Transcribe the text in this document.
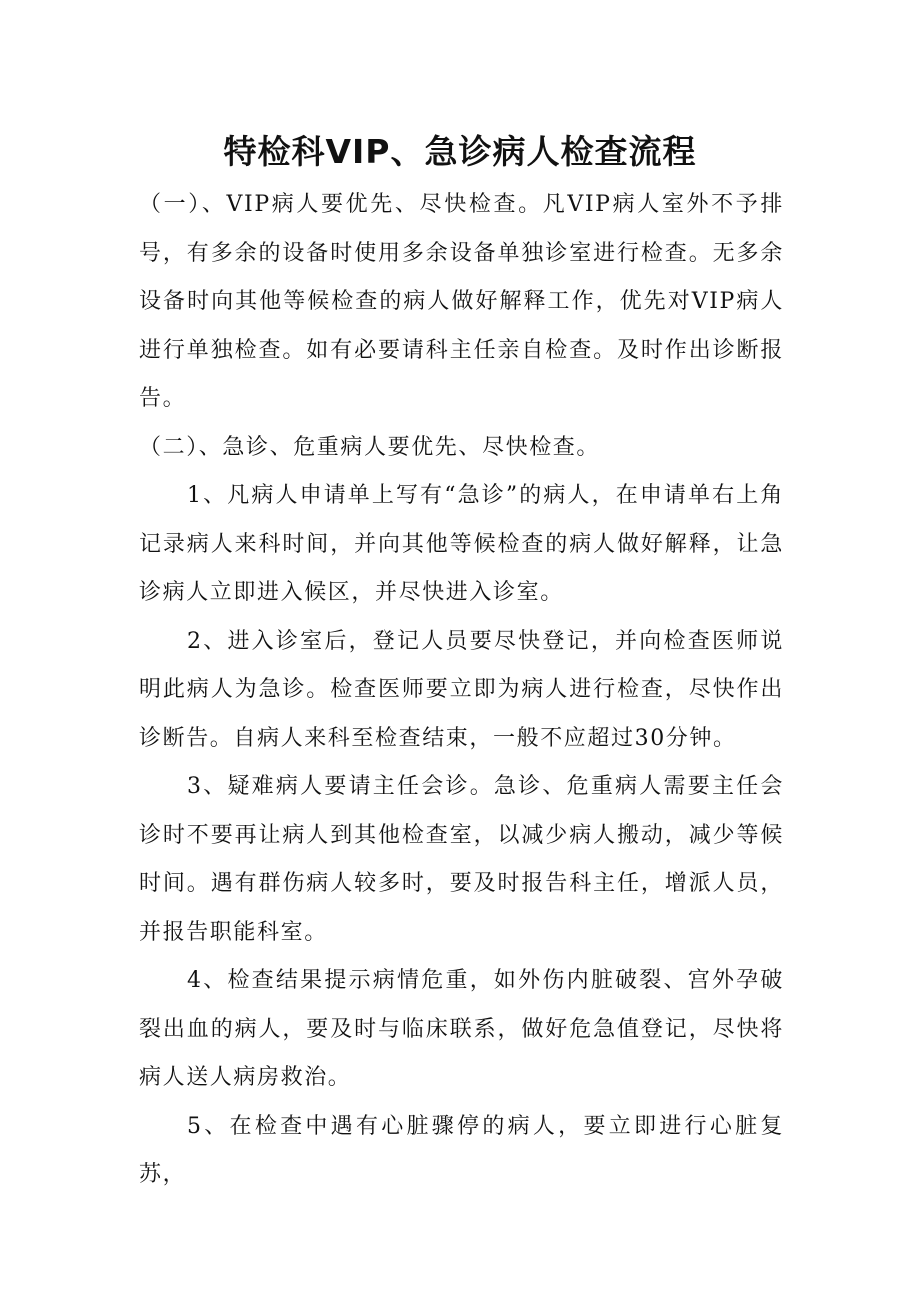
特检科VIP、急诊病人检查流程

（一）、VIP病人要优先、尽快检查。凡VIP病人室外不予排号，有多余的设备时使用多余设备单独诊室进行检查。无多余设备时向其他等候检查的病人做好解释工作，优先对VIP病人进行单独检查。如有必要请科主任亲自检查。及时作出诊断报告。

（二）、急诊、危重病人要优先、尽快检查。

1、凡病人申请单上写有“急诊”的病人，在申请单右上角记录病人来科时间，并向其他等候检查的病人做好解释，让急诊病人立即进入候区，并尽快进入诊室。

2、进入诊室后，登记人员要尽快登记，并向检查医师说明此病人为急诊。检查医师要立即为病人进行检查，尽快作出诊断告。自病人来科至检查结束，一般不应超过30分钟。

3、疑难病人要请主任会诊。急诊、危重病人需要主任会诊时不要再让病人到其他检查室，以减少病人搬动，减少等候时间。遇有群伤病人较多时，要及时报告科主任，增派人员，并报告职能科室。

4、检查结果提示病情危重，如外伤内脏破裂、宫外孕破裂出血的病人，要及时与临床联系，做好危急值登记，尽快将病人送人病房救治。

5、在检查中遇有心脏骤停的病人，要立即进行心脏复苏，
